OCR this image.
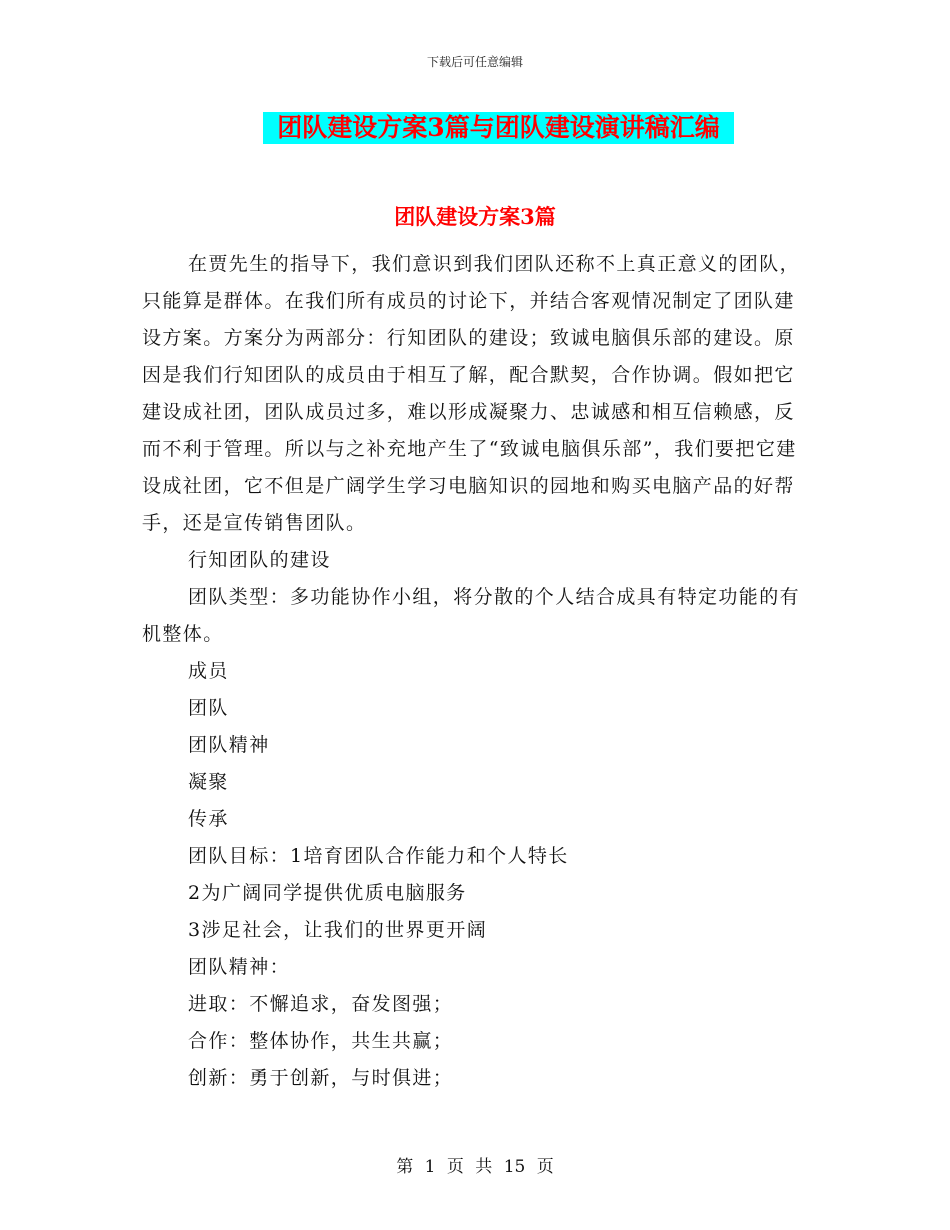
下载后可任意编辑
团队建设方案3篇与团队建设演讲稿汇编
团队建设方案3篇

在贾先生的指导下，我们意识到我们团队还称不上真正意义的团队，只能算是群体。在我们所有成员的讨论下，并结合客观情况制定了团队建设方案。方案分为两部分：行知团队的建设；致诚电脑俱乐部的建设。原因是我们行知团队的成员由于相互了解，配合默契，合作协调。假如把它建设成社团，团队成员过多，难以形成凝聚力、忠诚感和相互信赖感，反而不利于管理。所以与之补充地产生了“致诚电脑俱乐部”，我们要把它建设成社团，它不但是广阔学生学习电脑知识的园地和购买电脑产品的好帮手，还是宣传销售团队。

行知团队的建设

团队类型：多功能协作小组，将分散的个人结合成具有特定功能的有机整体。

成员

团队

团队精神

凝聚

传承

团队目标：1培育团队合作能力和个人特长

2为广阔同学提供优质电脑服务

3涉足社会，让我们的世界更开阔

团队精神：

进取：不懈追求，奋发图强；

合作：整体协作，共生共赢；

创新：勇于创新，与时俱进；

第 1 页 共 15 页
